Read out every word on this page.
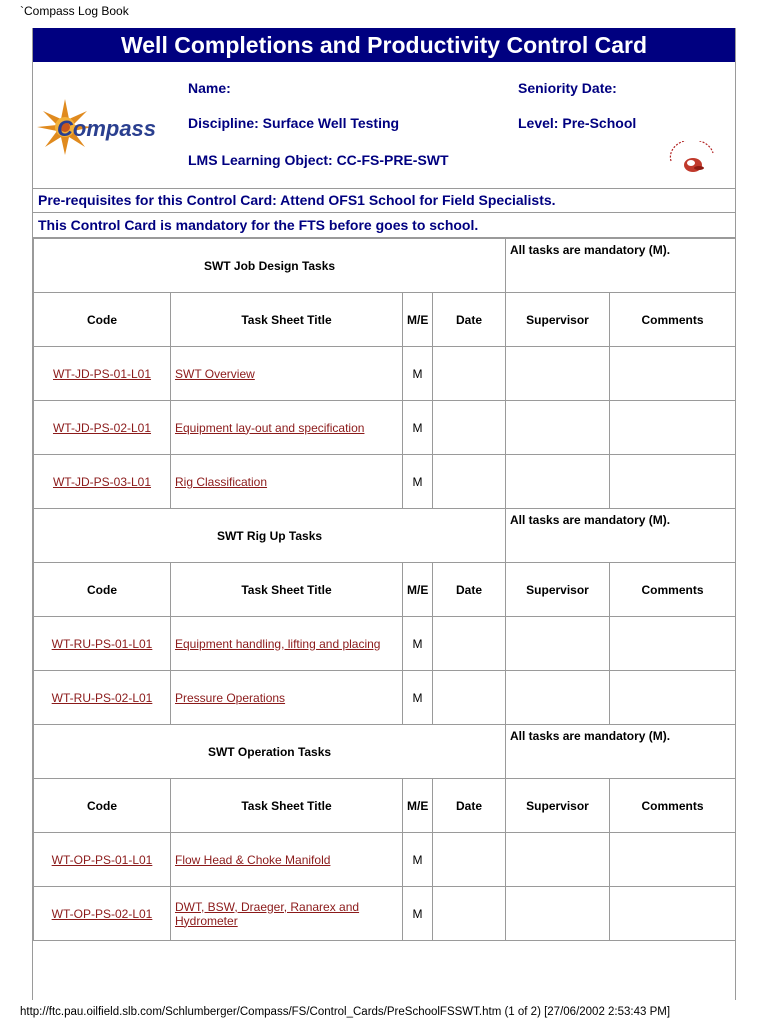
`Compass Log Book
Well Completions and Productivity Control Card
Compass
Name:
Discipline: Surface Well Testing
LMS Learning Object: CC-FS-PRE-SWT
Seniority Date:
Level: Pre-School
Pre-requisites for this Control Card: Attend OFS1 School for Field Specialists.
This Control Card is mandatory for the FTS before goes to school.
SWT Job Design Tasks				All tasks are mandatory (M).	
Code	Task Sheet Title	M/E	Date	Supervisor	Comments
WT-JD-PS-01-L01	SWT Overview	M			
WT-JD-PS-02-L01	Equipment lay-out and specification	M			
WT-JD-PS-03-L01	Rig Classification	M			
SWT Rig Up Tasks				All tasks are mandatory (M).	
Code	Task Sheet Title	M/E	Date	Supervisor	Comments
WT-RU-PS-01-L01	Equipment handling, lifting and placing	M			
WT-RU-PS-02-L01	Pressure Operations	M			
SWT Operation Tasks				All tasks are mandatory (M).	
Code	Task Sheet Title	M/E	Date	Supervisor	Comments
WT-OP-PS-01-L01	Flow Head & Choke Manifold	M			
WT-OP-PS-02-L01	DWT, BSW, Draeger, Ranarex and Hydrometer	M			
http://ftc.pau.oilfield.slb.com/Schlumberger/Compass/FS/Control_Cards/PreSchoolFSSWT.htm (1 of 2) [27/06/2002 2:53:43 PM]
